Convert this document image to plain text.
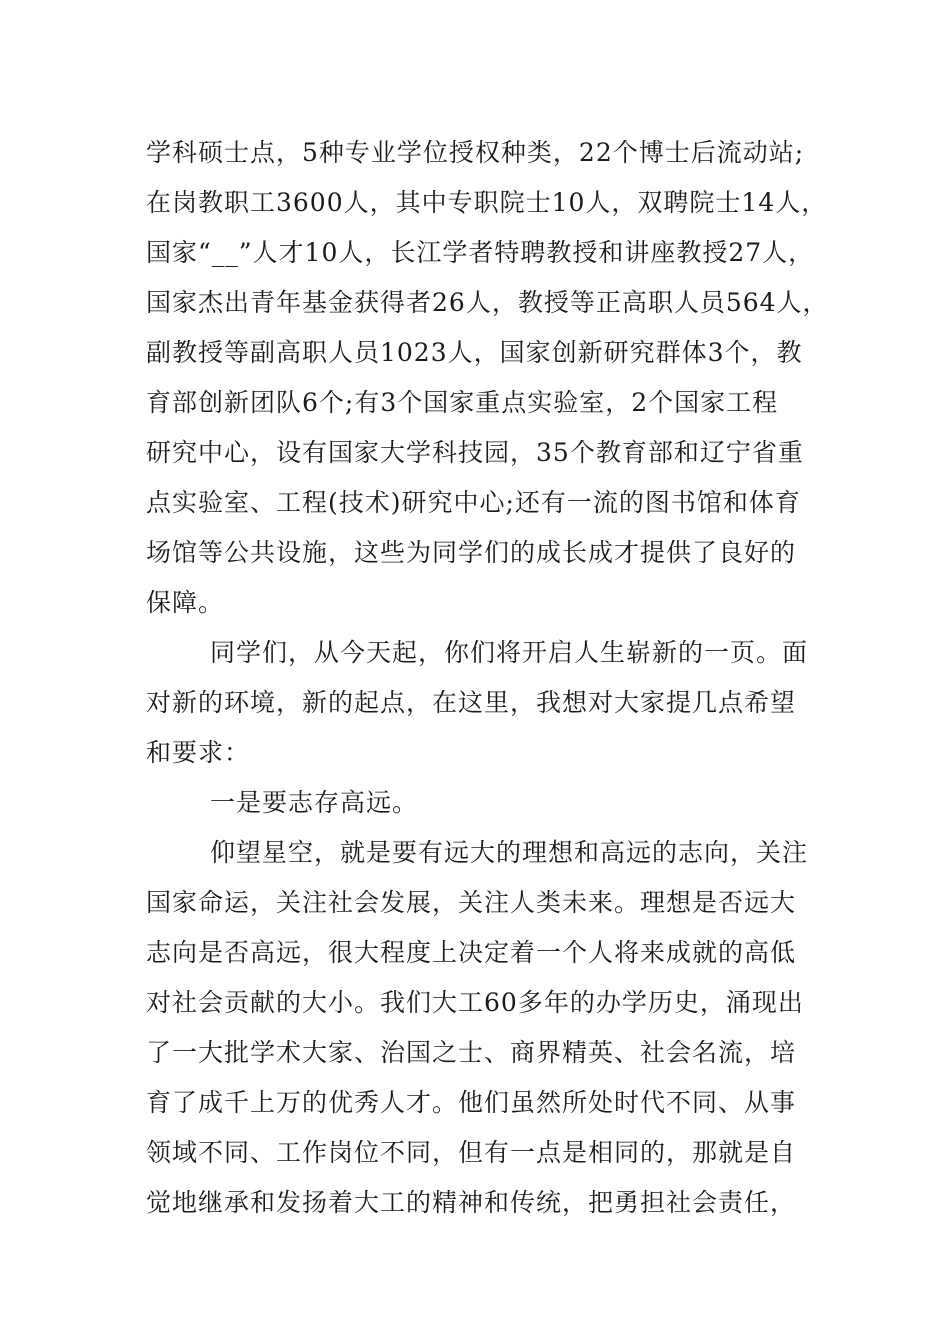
学科硕士点，5种专业学位授权种类，22个博士后流动站;
在岗教职工3600人，其中专职院士10人，双聘院士14人，
国家“__”人才10人，长江学者特聘教授和讲座教授27人，
国家杰出青年基金获得者26人，教授等正高职人员564人，
副教授等副高职人员1023人，国家创新研究群体3个，教
育部创新团队6个;有3个国家重点实验室，2个国家工程
研究中心，设有国家大学科技园，35个教育部和辽宁省重
点实验室、工程(技术)研究中心;还有一流的图书馆和体育
场馆等公共设施，这些为同学们的成长成才提供了良好的
保障。
同学们，从今天起，你们将开启人生崭新的一页。面
对新的环境，新的起点，在这里，我想对大家提几点希望
和要求：
一是要志存高远。
仰望星空，就是要有远大的理想和高远的志向，关注
国家命运，关注社会发展，关注人类未来。理想是否远大
志向是否高远，很大程度上决定着一个人将来成就的高低
对社会贡献的大小。我们大工60多年的办学历史，涌现出
了一大批学术大家、治国之士、商界精英、社会名流，培
育了成千上万的优秀人才。他们虽然所处时代不同、从事
领域不同、工作岗位不同，但有一点是相同的，那就是自
觉地继承和发扬着大工的精神和传统，把勇担社会责任，
